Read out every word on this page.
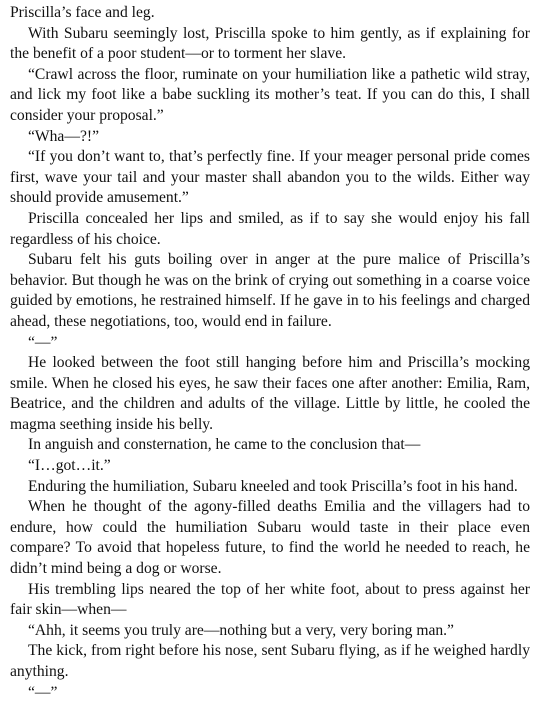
Priscilla’s face and leg.

With Subaru seemingly lost, Priscilla spoke to him gently, as if explaining for the benefit of a poor student—or to torment her slave.

“Crawl across the floor, ruminate on your humiliation like a pathetic wild stray, and lick my foot like a babe suckling its mother’s teat. If you can do this, I shall consider your proposal.”

“Wha—?!”

“If you don’t want to, that’s perfectly fine. If your meager personal pride comes first, wave your tail and your master shall abandon you to the wilds. Either way should provide amusement.”

Priscilla concealed her lips and smiled, as if to say she would enjoy his fall regardless of his choice.

Subaru felt his guts boiling over in anger at the pure malice of Priscilla’s behavior. But though he was on the brink of crying out something in a coarse voice guided by emotions, he restrained himself. If he gave in to his feelings and charged ahead, these negotiations, too, would end in failure.

“—”

He looked between the foot still hanging before him and Priscilla’s mocking smile. When he closed his eyes, he saw their faces one after another: Emilia, Ram, Beatrice, and the children and adults of the village. Little by little, he cooled the magma seething inside his belly.

In anguish and consternation, he came to the conclusion that—

“I…got…it.”

Enduring the humiliation, Subaru kneeled and took Priscilla’s foot in his hand.

When he thought of the agony-filled deaths Emilia and the villagers had to endure, how could the humiliation Subaru would taste in their place even compare? To avoid that hopeless future, to find the world he needed to reach, he didn’t mind being a dog or worse.

His trembling lips neared the top of her white foot, about to press against her fair skin—when—

“Ahh, it seems you truly are—nothing but a very, very boring man.”

The kick, from right before his nose, sent Subaru flying, as if he weighed hardly anything.

“—”
